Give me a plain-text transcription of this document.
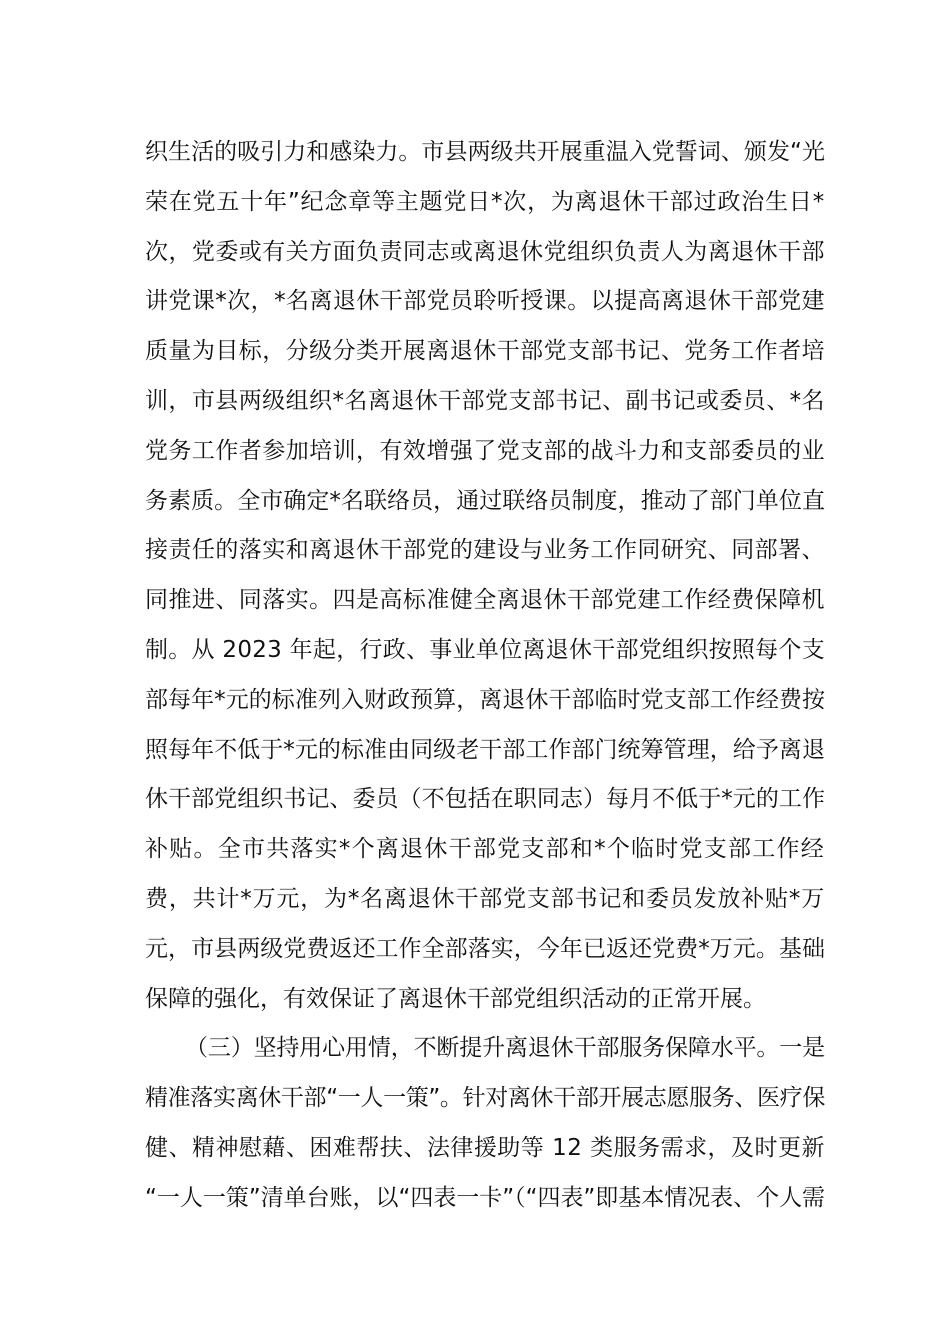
织生活的吸引力和感染力。市县两级共开展重温入党誓词、颁发“光
荣在党五十年”纪念章等主题党日*次，为离退休干部过政治生日*
次，党委或有关方面负责同志或离退休党组织负责人为离退休干部
讲党课*次，*名离退休干部党员聆听授课。以提高离退休干部党建
质量为目标，分级分类开展离退休干部党支部书记、党务工作者培
训，市县两级组织*名离退休干部党支部书记、副书记或委员、*名
党务工作者参加培训，有效增强了党支部的战斗力和支部委员的业
务素质。全市确定*名联络员，通过联络员制度，推动了部门单位直
接责任的落实和离退休干部党的建设与业务工作同研究、同部署、
同推进、同落实。四是高标准健全离退休干部党建工作经费保障机
制。从 2023 年起，行政、事业单位离退休干部党组织按照每个支
部每年*元的标准列入财政预算，离退休干部临时党支部工作经费按
照每年不低于*元的标准由同级老干部工作部门统筹管理，给予离退
休干部党组织书记、委员（不包括在职同志）每月不低于*元的工作
补贴。全市共落实*个离退休干部党支部和*个临时党支部工作经
费，共计*万元，为*名离退休干部党支部书记和委员发放补贴*万
元，市县两级党费返还工作全部落实，今年已返还党费*万元。基础
保障的强化，有效保证了离退休干部党组织活动的正常开展。
（三）坚持用心用情，不断提升离退休干部服务保障水平。一是
精准落实离休干部“一人一策”。针对离休干部开展志愿服务、医疗保
健、精神慰藉、困难帮扶、法律援助等 12 类服务需求，及时更新
“一人一策”清单台账，以“四表一卡”（“四表”即基本情况表、个人需
